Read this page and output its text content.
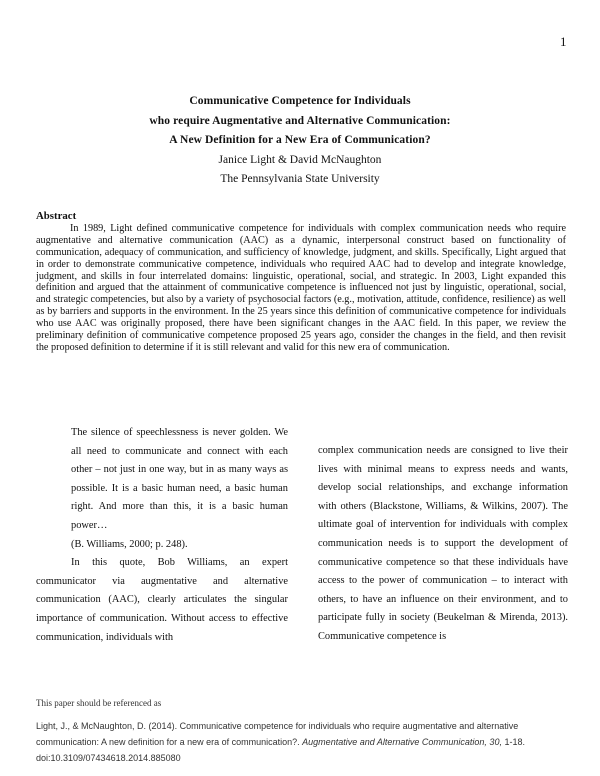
1
Communicative Competence for Individuals
who require Augmentative and Alternative Communication:
A New Definition for a New Era of Communication?
Janice Light & David McNaughton
The Pennsylvania State University
Abstract

In 1989, Light defined communicative competence for individuals with complex communication needs who require augmentative and alternative communication (AAC) as a dynamic, interpersonal construct based on functionality of communication, adequacy of communication, and sufficiency of knowledge, judgment, and skills. Specifically, Light argued that in order to demonstrate communicative competence, individuals who required AAC had to develop and integrate knowledge, judgment, and skills in four interrelated domains: linguistic, operational, social, and strategic. In 2003, Light expanded this definition and argued that the attainment of communicative competence is influenced not just by linguistic, operational, social, and strategic competencies, but also by a variety of psychosocial factors (e.g., motivation, attitude, confidence, resilience) as well as by barriers and supports in the environment. In the 25 years since this definition of communicative competence for individuals who use AAC was originally proposed, there have been significant changes in the AAC field. In this paper, we review the preliminary definition of communicative competence proposed 25 years ago, consider the changes in the field, and then revisit the proposed definition to determine if it is still relevant and valid for this new era of communication.

The silence of speechlessness is never golden. We all need to communicate and connect with each other – not just in one way, but in as many ways as possible. It is a basic human need, a basic human right. And more than this, it is a basic human power…

(B. Williams, 2000; p. 248).

In this quote, Bob Williams, an expert communicator via augmentative and alternative communication (AAC), clearly articulates the singular importance of communication. Without access to effective communication, individuals with

complex communication needs are consigned to live their lives with minimal means to express needs and wants, develop social relationships, and exchange information with others (Blackstone, Williams, & Wilkins, 2007). The ultimate goal of intervention for individuals with complex communication needs is to support the development of communicative competence so that these individuals have access to the power of communication – to interact with others, to have an influence on their environment, and to participate fully in society (Beukelman & Mirenda, 2013). Communicative competence is

This paper should be referenced as
Light, J., & McNaughton, D. (2014). Communicative competence for individuals who require augmentative and alternative communication: A new definition for a new era of communication?. Augmentative and Alternative Communication, 30, 1-18. doi:10.3109/07434618.2014.885080
